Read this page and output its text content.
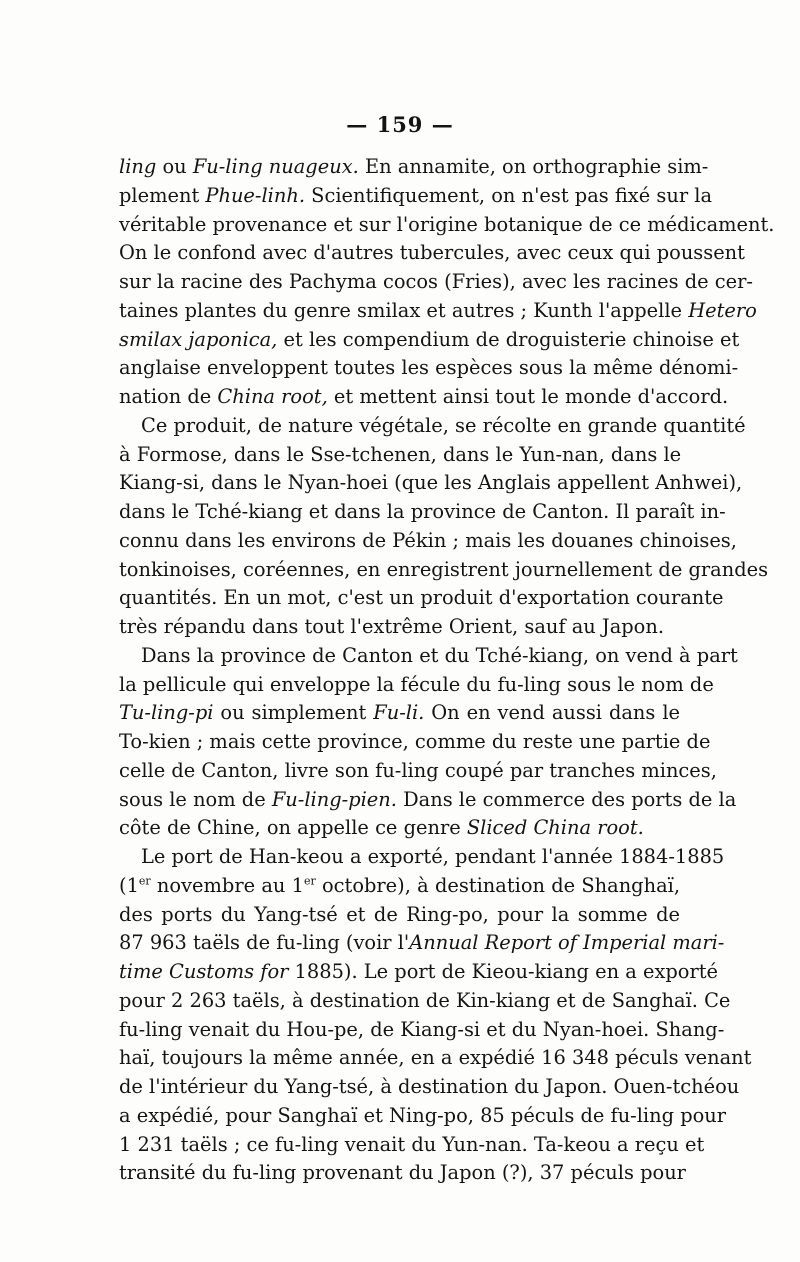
— 159 —
ling ou Fu-ling nuageux. En annamite, on orthographie sim-
plement Phue-linh. Scientifiquement, on n'est pas fixé sur la
véritable provenance et sur l'origine botanique de ce médicament.
On le confond avec d'autres tubercules, avec ceux qui poussent
sur la racine des Pachyma cocos (Fries), avec les racines de cer-
taines plantes du genre smilax et autres ; Kunth l'appelle Hetero
smilax japonica, et les compendium de droguisterie chinoise et
anglaise enveloppent toutes les espèces sous la même dénomi-
nation de China root, et mettent ainsi tout le monde d'accord.
Ce produit, de nature végétale, se récolte en grande quantité
à Formose, dans le Sse-tchenen, dans le Yun-nan, dans le
Kiang-si, dans le Nyan-hoei (que les Anglais appellent Anhwei),
dans le Tché-kiang et dans la province de Canton. Il paraît in-
connu dans les environs de Pékin ; mais les douanes chinoises,
tonkinoises, coréennes, en enregistrent journellement de grandes
quantités. En un mot, c'est un produit d'exportation courante
très répandu dans tout l'extrême Orient, sauf au Japon.
Dans la province de Canton et du Tché-kiang, on vend à part
la pellicule qui enveloppe la fécule du fu-ling sous le nom de
Tu-ling-pi ou simplement Fu-li. On en vend aussi dans le
To-kien ; mais cette province, comme du reste une partie de
celle de Canton, livre son fu-ling coupé par tranches minces,
sous le nom de Fu-ling-pien. Dans le commerce des ports de la
côte de Chine, on appelle ce genre Sliced China root.
Le port de Han-keou a exporté, pendant l'année 1884-1885
(1er novembre au 1er octobre), à destination de Shanghaï,
des ports du Yang-tsé et de Ring-po, pour la somme de
87 963 taëls de fu-ling (voir l'Annual Report of Imperial mari-
time Customs for 1885). Le port de Kieou-kiang en a exporté
pour 2 263 taëls, à destination de Kin-kiang et de Sanghaï. Ce
fu-ling venait du Hou-pe, de Kiang-si et du Nyan-hoei. Shang-
haï, toujours la même année, en a expédié 16 348 péculs venant
de l'intérieur du Yang-tsé, à destination du Japon. Ouen-tchéou
a expédié, pour Sanghaï et Ning-po, 85 péculs de fu-ling pour
1 231 taëls ; ce fu-ling venait du Yun-nan. Ta-keou a reçu et
transité du fu-ling provenant du Japon (?), 37 péculs pour
